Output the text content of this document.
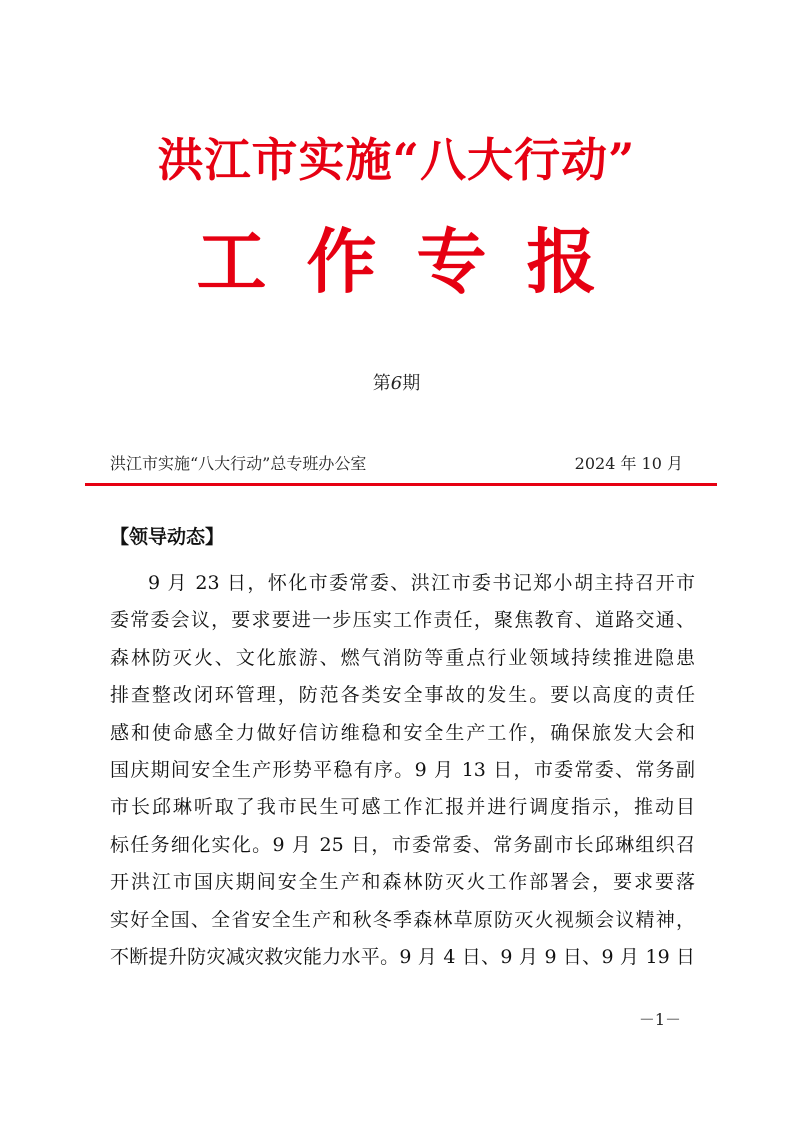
洪江市实施“八大行动”
工作专报
第6期
洪江市实施“八大行动”总专班办公室	2024 年 10 月
【领导动态】
9 月 23 日，怀化市委常委、洪江市委书记郑小胡主持召开市
委常委会议，要求要进一步压实工作责任，聚焦教育、道路交通、
森林防灭火、文化旅游、燃气消防等重点行业领域持续推进隐患
排查整改闭环管理，防范各类安全事故的发生。要以高度的责任
感和使命感全力做好信访维稳和安全生产工作，确保旅发大会和
国庆期间安全生产形势平稳有序。9 月 13 日，市委常委、常务副
市长邱琳听取了我市民生可感工作汇报并进行调度指示，推动目
标任务细化实化。9 月 25 日，市委常委、常务副市长邱琳组织召
开洪江市国庆期间安全生产和森林防灭火工作部署会，要求要落
实好全国、全省安全生产和秋冬季森林草原防灭火视频会议精神，
不断提升防灾减灾救灾能力水平。9 月 4 日、9 月 9 日、9 月 19 日
－1－
